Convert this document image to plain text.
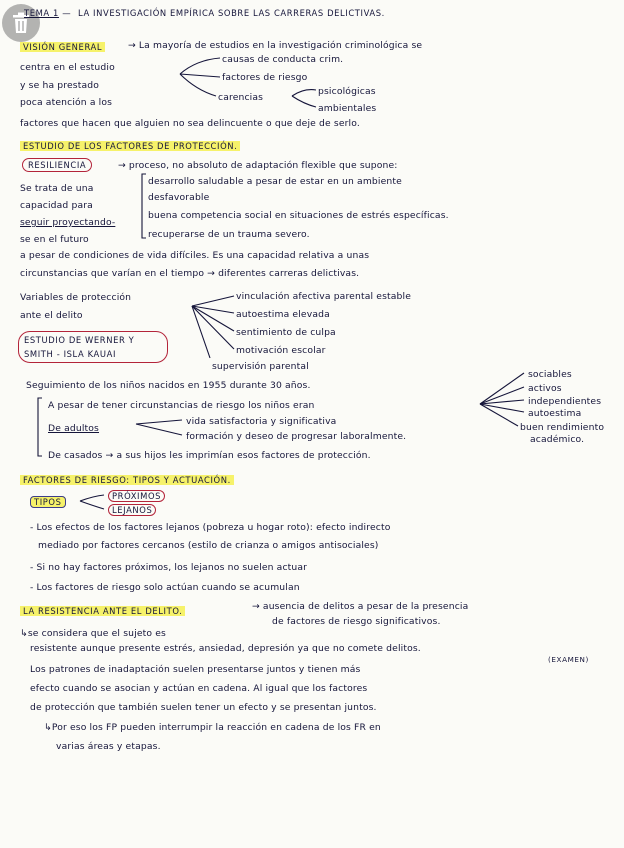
TEMA 1 — LA INVESTIGACIÓN EMPÍRICA SOBRE LAS CARRERAS DELICTIVAS.
VISIÓN GENERAL	→ La mayoría de estudios en la investigación criminológica se
centra en el estudio
y se ha prestado
poca atención a los
factores que hacen que alguien no sea delincuente o que deje de serlo.
causas de conducta crim.
factores de riesgo
carencias
psicológicas
ambientales
ESTUDIO DE LOS FACTORES DE PROTECCIÓN.
RESILIENCIA	→ proceso, no absoluto de adaptación flexible que supone:
Se trata de una
capacidad para
seguir proyectando-
se en el futuro
desarrollo saludable a pesar de estar en un ambiente
desfavorable
buena competencia social en situaciones de estrés específicas.
recuperarse de un trauma severo.
a pesar de condiciones de vida difíciles. Es una capacidad relativa a unas
circunstancias que varían en el tiempo → diferentes carreras delictivas.
Variables de protección
ante el delito
vinculación afectiva parental estable
autoestima elevada
sentimiento de culpa
motivación escolar
supervisión parental
ESTUDIO DE WERNER Y
SMITH - ISLA KAUAI
Seguimiento de los niños nacidos en 1955 durante 30 años.
A pesar de tener circunstancias de riesgo los niños eran
De adultos
vida satisfactoria y significativa
formación y deseo de progresar laboralmente.
De casados → a sus hijos les imprimían esos factores de protección.
sociables
activos
independientes
autoestima
buen rendimiento
académico.
FACTORES DE RIESGO: TIPOS Y ACTUACIÓN.
TIPOS
PRÓXIMOS
LEJANOS
- Los efectos de los factores lejanos (pobreza u hogar roto): efecto indirecto
mediado por factores cercanos (estilo de crianza o amigos antisociales)
- Si no hay factores próximos, los lejanos no suelen actuar
- Los factores de riesgo solo actúan cuando se acumulan
LA RESISTENCIA ANTE EL DELITO.	→ ausencia de delitos a pesar de la presencia
de factores de riesgo significativos.
↳se considera que el sujeto es
resistente aunque presente estrés, ansiedad, depresión ya que no comete delitos.
(EXAMEN)
Los patrones de inadaptación suelen presentarse juntos y tienen más
efecto cuando se asocian y actúan en cadena. Al igual que los factores
de protección que también suelen tener un efecto y se presentan juntos.
↳Por eso los FP pueden interrumpir la reacción en cadena de los FR en
varias áreas y etapas.
